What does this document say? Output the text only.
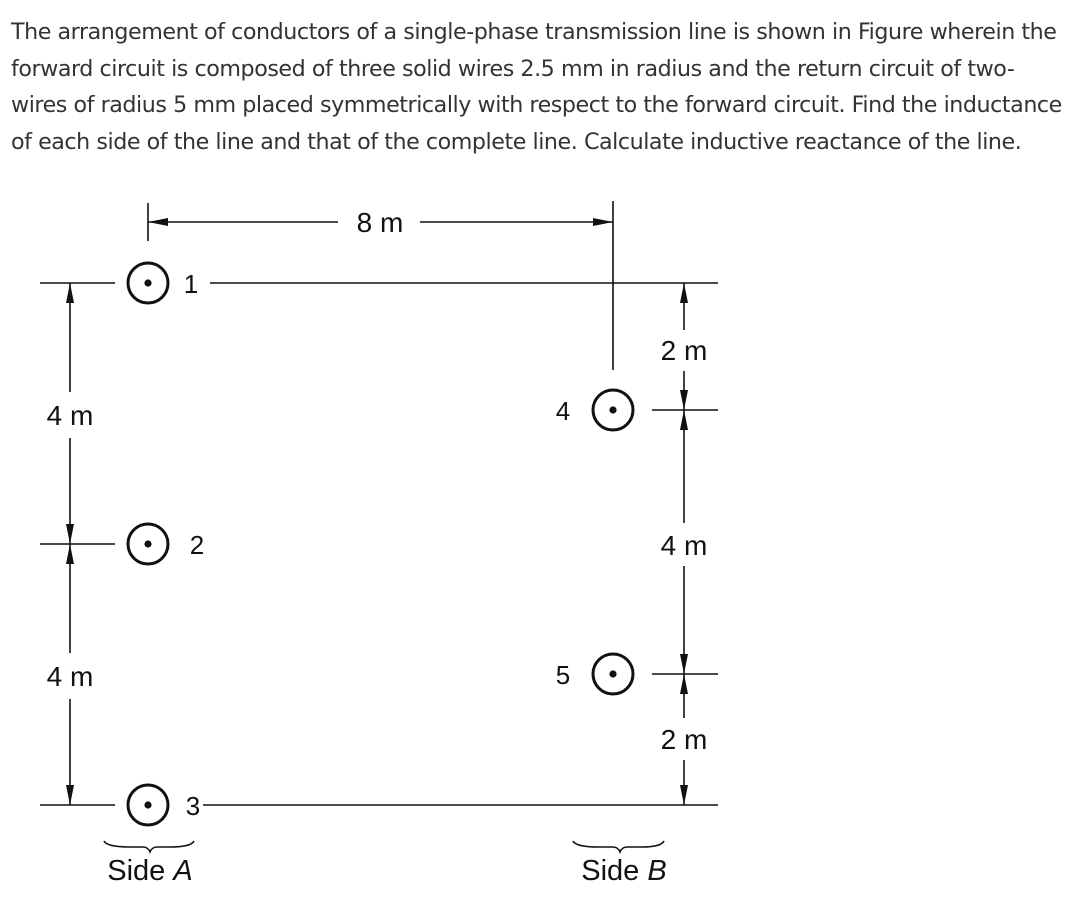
The arrangement of conductors of a single-phase transmission line is shown in Figure wherein the forward circuit is composed of three solid wires 2.5 mm in radius and the return circuit of two-wires of radius 5 mm placed symmetrically with respect to the forward circuit. Find the inductance of each side of the line and that of the complete line. Calculate inductive reactance of the line.

8 m
4 m
4 m
2 m
4 m
2 m
1
2
3
4
5
Side A	Side B
